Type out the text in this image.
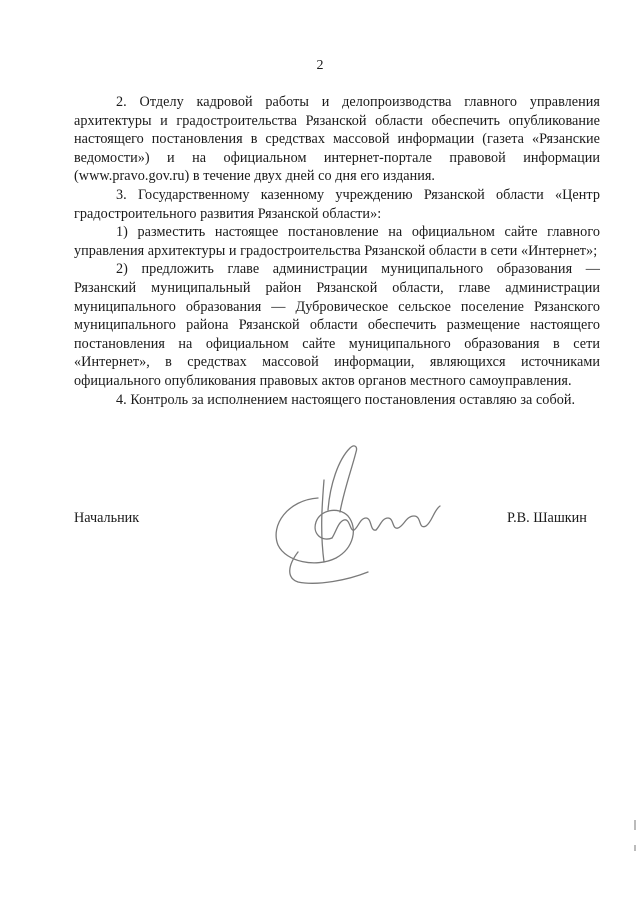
2

2. Отделу кадровой работы и делопроизводства главного управления архитектуры и градостроительства Рязанской области обеспечить опубликование настоящего постановления в средствах массовой информации (газета «Рязанские ведомости») и на официальном интернет-портале правовой информации (www.pravo.gov.ru) в течение двух дней со дня его издания.

3. Государственному казенному учреждению Рязанской области «Центр градостроительного развития Рязанской области»:

1) разместить настоящее постановление на официальном сайте главного управления архитектуры и градостроительства Рязанской области в сети «Интернет»;

2) предложить главе администрации муниципального образования — Рязанский муниципальный район Рязанской области, главе администрации муниципального образования — Дубровическое сельское поселение Рязанского муниципального района Рязанской области обеспечить размещение настоящего постановления на официальном сайте муниципального образования в сети «Интернет», в средствах массовой информации, являющихся источниками официального опубликования правовых актов органов местного самоуправления.

4. Контроль за исполнением настоящего постановления оставляю за собой.

Начальник	Р.В. Шашкин
